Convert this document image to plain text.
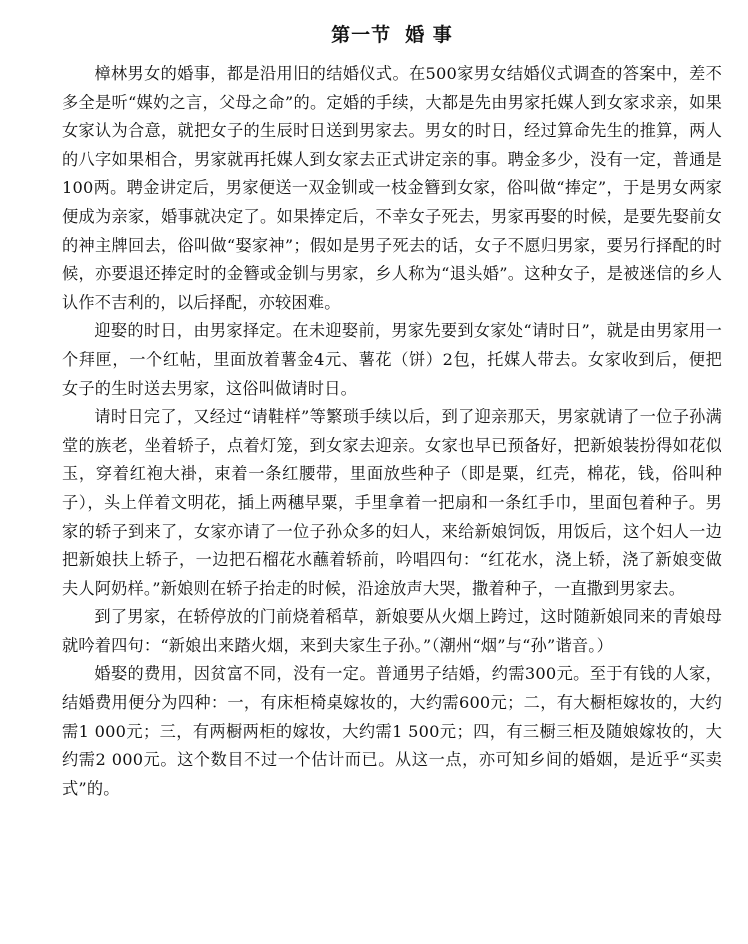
第一节 婚 事

樟林男女的婚事，都是沿用旧的结婚仪式。在500家男女结婚仪式调查的答案中，差不多全是听“媒妁之言，父母之命”的。定婚的手续，大都是先由男家托媒人到女家求亲，如果女家认为合意，就把女子的生辰时日送到男家去。男女的时日，经过算命先生的推算，两人的八字如果相合，男家就再托媒人到女家去正式讲定亲的事。聘金多少，没有一定，普通是100两。聘金讲定后，男家便送一双金钏或一枝金簪到女家，俗叫做“捧定”，于是男女两家便成为亲家，婚事就决定了。如果捧定后，不幸女子死去，男家再娶的时候，是要先娶前女的神主牌回去，俗叫做“娶家神”；假如是男子死去的话，女子不愿归男家，要另行择配的时候，亦要退还捧定时的金簪或金钏与男家，乡人称为“退头婚”。这种女子，是被迷信的乡人认作不吉利的，以后择配，亦较困难。

迎娶的时日，由男家择定。在未迎娶前，男家先要到女家处“请时日”，就是由男家用一个拜匣，一个红帖，里面放着薯金4元、薯花（饼）2包，托媒人带去。女家收到后，便把女子的生时送去男家，这俗叫做请时日。

请时日完了，又经过“请鞋样”等繁琐手续以后，到了迎亲那天，男家就请了一位子孙满堂的族老，坐着轿子，点着灯笼，到女家去迎亲。女家也早已预备好，把新娘装扮得如花似玉，穿着红袍大褂，束着一条红腰带，里面放些种子（即是粟，红壳，棉花，钱，俗叫种子），头上佯着文明花，插上两穗早粟，手里拿着一把扇和一条红手巾，里面包着种子。男家的轿子到来了，女家亦请了一位子孙众多的妇人，来给新娘饲饭，用饭后，这个妇人一边把新娘扶上轿子，一边把石榴花水蘸着轿前，吟唱四句：“红花水，浇上轿，浇了新娘变做夫人阿奶样。”新娘则在轿子抬走的时候，沿途放声大哭，撒着种子，一直撒到男家去。

到了男家，在轿停放的门前烧着稻草，新娘要从火烟上跨过，这时随新娘同来的青娘母就吟着四句：“新娘出来踏火烟，来到夫家生子孙。”（潮州“烟”与“孙”谐音。）

婚娶的费用，因贫富不同，没有一定。普通男子结婚，约需300元。至于有钱的人家，结婚费用便分为四种：一，有床柜椅桌嫁妆的，大约需600元；二，有大橱柜嫁妆的，大约需1 000元；三，有两橱两柜的嫁妆，大约需1 500元；四，有三橱三柜及随娘嫁妆的，大约需2 000元。这个数目不过一个估计而已。从这一点，亦可知乡间的婚姻，是近乎“买卖式”的。
